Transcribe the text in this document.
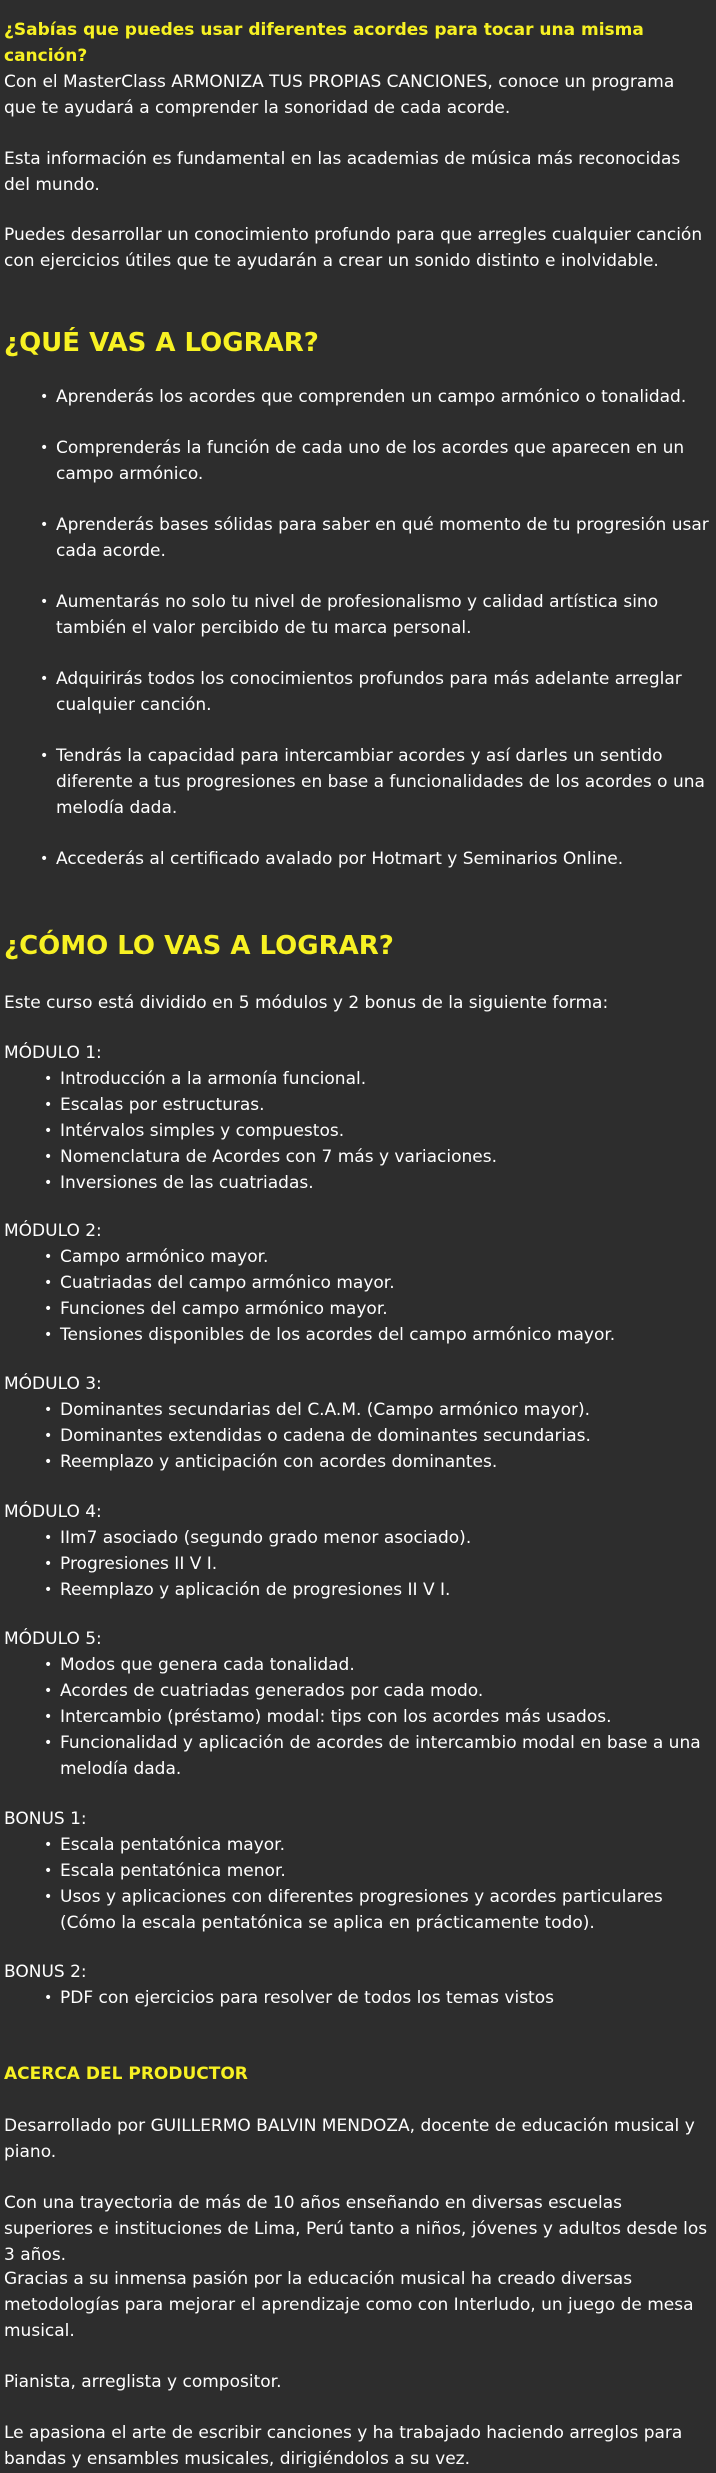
¿Sabías que puedes usar diferentes acordes para tocar una misma canción?

Con el MasterClass ARMONIZA TUS PROPIAS CANCIONES, conoce un programa que te ayudará a comprender la sonoridad de cada acorde.

Esta información es fundamental en las academias de música más reconocidas del mundo.

Puedes desarrollar un conocimiento profundo para que arregles cualquier canción con ejercicios útiles que te ayudarán a crear un sonido distinto e inolvidable.

¿QUÉ VAS A LOGRAR?
• Aprenderás los acordes que comprenden un campo armónico o tonalidad.
• Comprenderás la función de cada uno de los acordes que aparecen en un campo armónico.
• Aprenderás bases sólidas para saber en qué momento de tu progresión usar cada acorde.
• Aumentarás no solo tu nivel de profesionalismo y calidad artística sino también el valor percibido de tu marca personal.
• Adquirirás todos los conocimientos profundos para más adelante arreglar cualquier canción.
• Tendrás la capacidad para intercambiar acordes y así darles un sentido diferente a tus progresiones en base a funcionalidades de los acordes o una melodía dada.
• Accederás al certificado avalado por Hotmart y Seminarios Online.
¿CÓMO LO VAS A LOGRAR?

Este curso está dividido en 5 módulos y 2 bonus de la siguiente forma:

MÓDULO 1:

• Introducción a la armonía funcional.
• Escalas por estructuras.
• Intérvalos simples y compuestos.
• Nomenclatura de Acordes con 7 más y variaciones.
• Inversiones de las cuatriadas.

MÓDULO 2:

• Campo armónico mayor.
• Cuatriadas del campo armónico mayor.
• Funciones del campo armónico mayor.
• Tensiones disponibles de los acordes del campo armónico mayor.

MÓDULO 3:

• Dominantes secundarias del C.A.M. (Campo armónico mayor).
• Dominantes extendidas o cadena de dominantes secundarias.
• Reemplazo y anticipación con acordes dominantes.

MÓDULO 4:

• IIm7 asociado (segundo grado menor asociado).
• Progresiones II V I.
• Reemplazo y aplicación de progresiones II V I.

MÓDULO 5:

• Modos que genera cada tonalidad.
• Acordes de cuatriadas generados por cada modo.
• Intercambio (préstamo) modal: tips con los acordes más usados.
• Funcionalidad y aplicación de acordes de intercambio modal en base a una melodía dada.

BONUS 1:

• Escala pentatónica mayor.
• Escala pentatónica menor.
• Usos y aplicaciones con diferentes progresiones y acordes particulares (Cómo la escala pentatónica se aplica en prácticamente todo).

BONUS 2:

• PDF con ejercicios para resolver de todos los temas vistos
ACERCA DEL PRODUCTOR

Desarrollado por GUILLERMO BALVIN MENDOZA, docente de educación musical y piano.

Con una trayectoria de más de 10 años enseñando en diversas escuelas superiores e instituciones de Lima, Perú tanto a niños, jóvenes y adultos desde los 3 años.

Gracias a su inmensa pasión por la educación musical ha creado diversas metodologías para mejorar el aprendizaje como con Interludo, un juego de mesa musical.

Pianista, arreglista y compositor.

Le apasiona el arte de escribir canciones y ha trabajado haciendo arreglos para bandas y ensambles musicales, dirigiéndolos a su vez.
